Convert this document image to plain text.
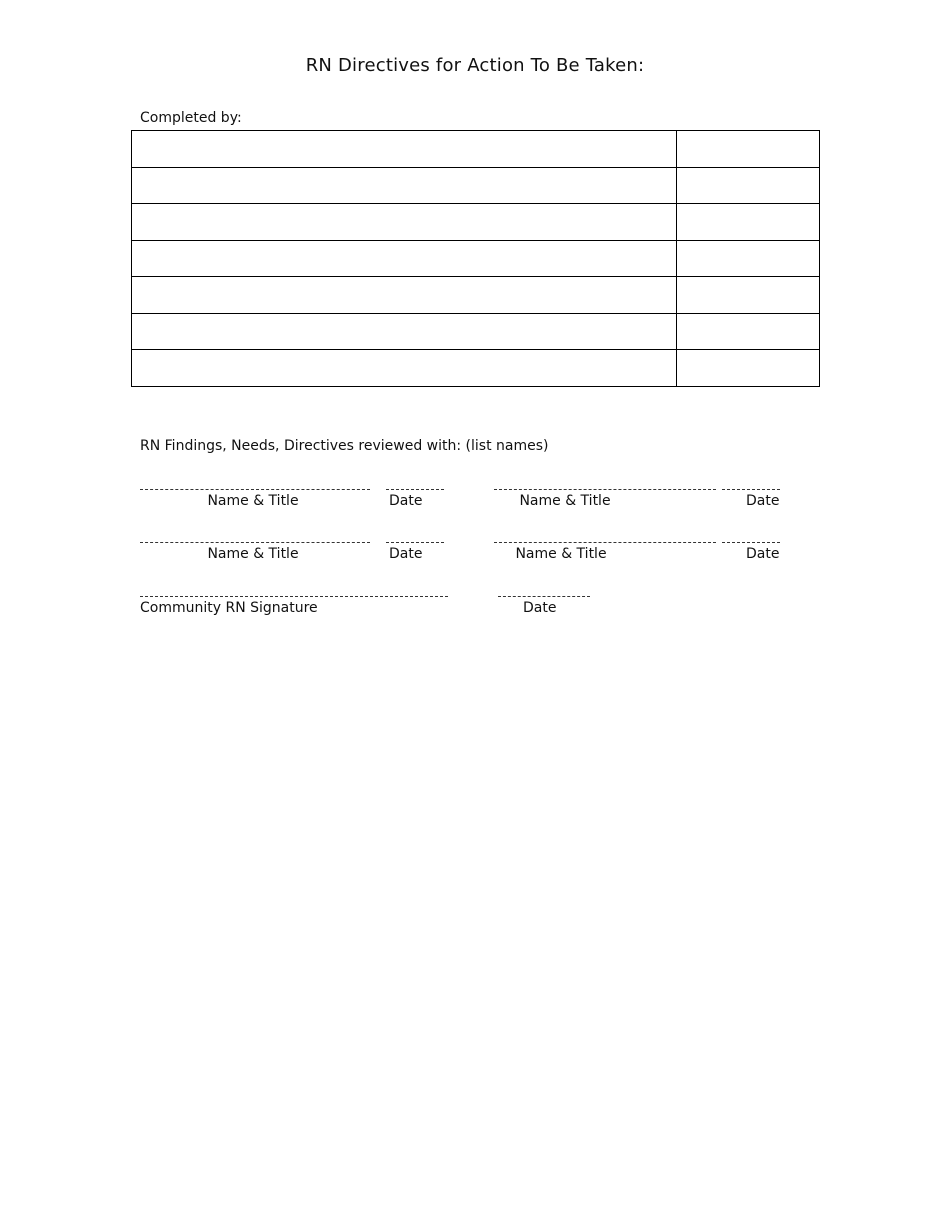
RN Directives for Action To Be Taken:
Completed by:

RN Findings, Needs, Directives reviewed with: (list names)
Name & Title	Date	Name & Title	Date
Name & Title	Date	Name & Title	Date
Community RN Signature	Date
